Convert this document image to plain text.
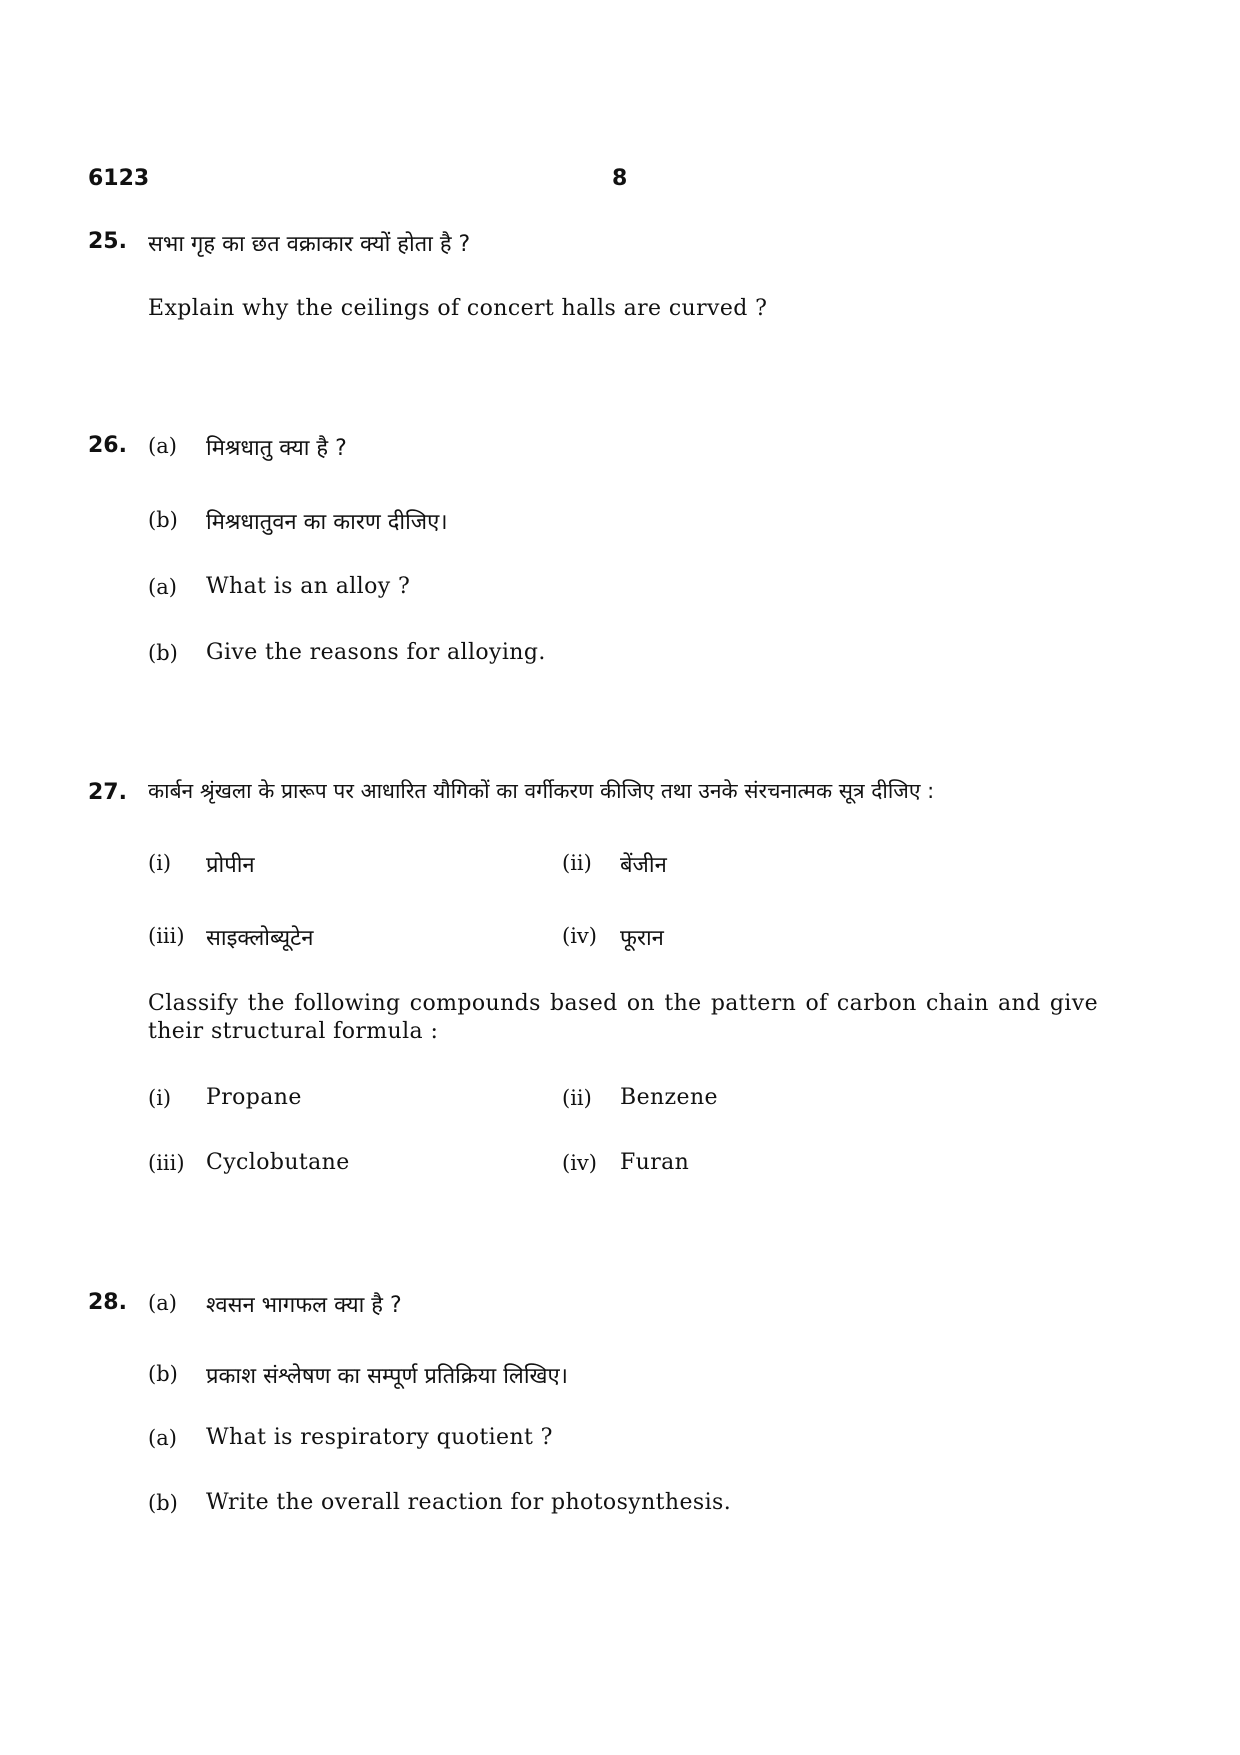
6123	8
25. सभा गृह का छत वक्राकार क्यों होता है ?
Explain why the ceilings of concert halls are curved ?
26. (a) मिश्रधातु क्या है ?
(b) मिश्रधातुवन का कारण दीजिए।
(a) What is an alloy ?
(b) Give the reasons for alloying.
27. कार्बन श्रृंखला के प्रारूप पर आधारित यौगिकों का वर्गीकरण कीजिए तथा उनके संरचनात्मक सूत्र दीजिए :
(i) प्रोपीन	(ii) बेंजीन
(iii) साइक्लोब्यूटेन	(iv) फूरान
Classify the following compounds based on the pattern of carbon chain and give their structural formula :
(i) Propane	(ii) Benzene
(iii) Cyclobutane	(iv) Furan
28. (a) श्वसन भागफल क्या है ?
(b) प्रकाश संश्लेषण का सम्पूर्ण प्रतिक्रिया लिखिए।
(a) What is respiratory quotient ?
(b) Write the overall reaction for photosynthesis.
